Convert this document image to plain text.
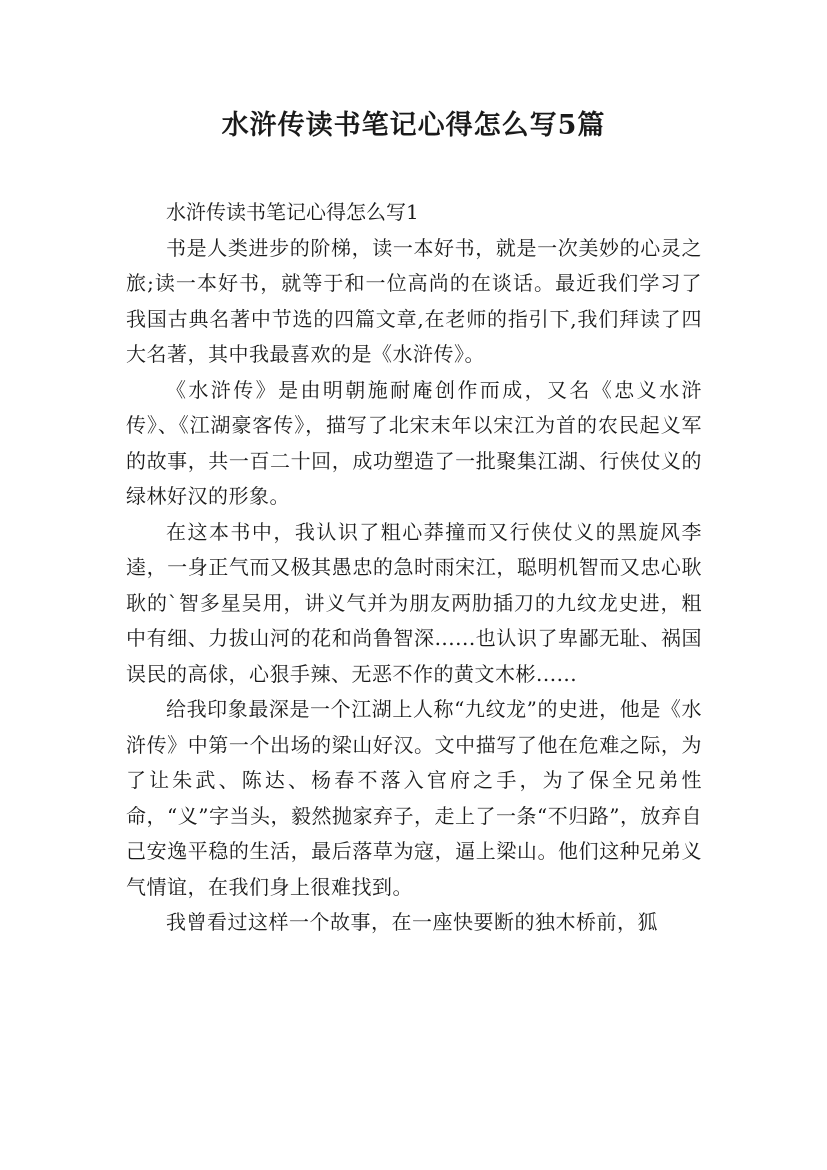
水浒传读书笔记心得怎么写5篇

水浒传读书笔记心得怎么写1

书是人类进步的阶梯，读一本好书，就是一次美妙的心灵之旅;读一本好书，就等于和一位高尚的在谈话。最近我们学习了我国古典名著中节选的四篇文章,在老师的指引下,我们拜读了四大名著，其中我最喜欢的是《水浒传》。

《水浒传》是由明朝施耐庵创作而成，又名《忠义水浒传》、《江湖豪客传》，描写了北宋末年以宋江为首的农民起义军的故事，共一百二十回，成功塑造了一批聚集江湖、行侠仗义的绿林好汉的形象。

在这本书中，我认识了粗心莽撞而又行侠仗义的黑旋风李逵，一身正气而又极其愚忠的急时雨宋江，聪明机智而又忠心耿耿的`智多星吴用，讲义气并为朋友两肋插刀的九纹龙史进，粗中有细、力拔山河的花和尚鲁智深......也认识了卑鄙无耻、祸国误民的高俅，心狠手辣、无恶不作的黄文木彬......

给我印象最深是一个江湖上人称“九纹龙”的史进，他是《水浒传》中第一个出场的梁山好汉。文中描写了他在危难之际，为了让朱武、陈达、杨春不落入官府之手，为了保全兄弟性命，“义”字当头，毅然抛家弃子，走上了一条“不归路”，放弃自己安逸平稳的生活，最后落草为寇，逼上梁山。他们这种兄弟义气情谊，在我们身上很难找到。

我曾看过这样一个故事，在一座快要断的独木桥前，狐
